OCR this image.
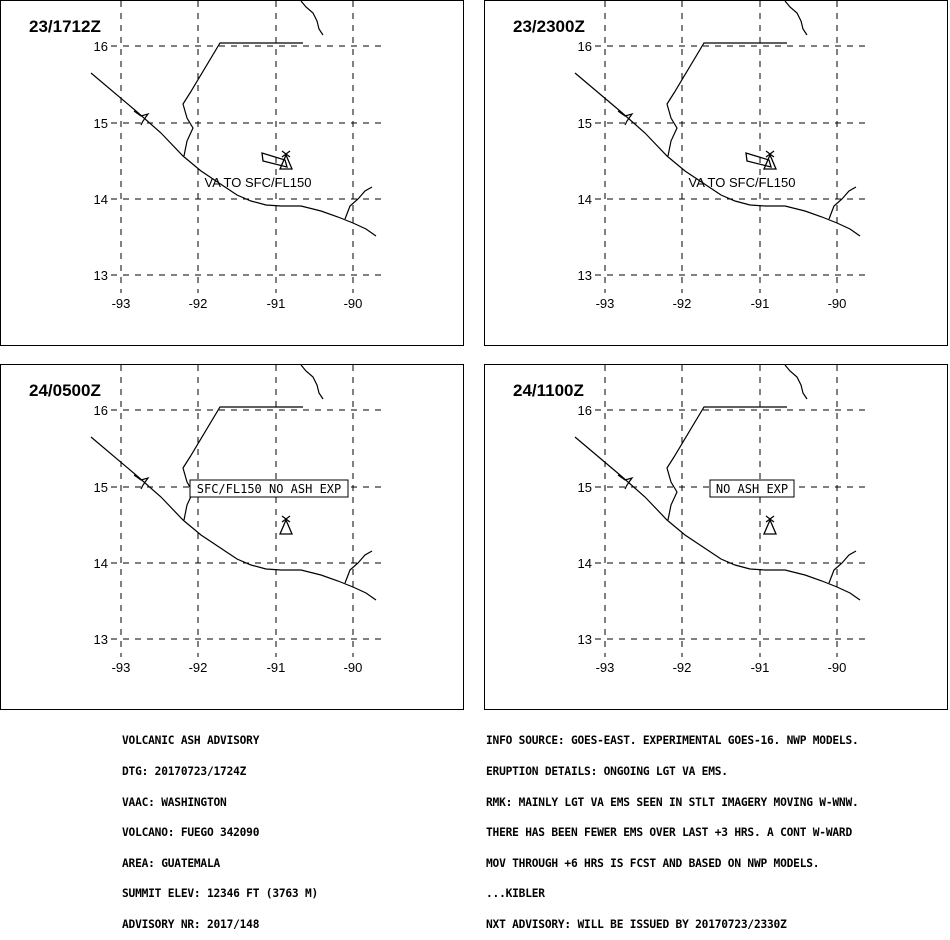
16
15
14
13
-93	-92	-91	-90
VA TO SFC/FL150
23/1712Z
16
15
14
13
-93	-92	-91	-90
VA TO SFC/FL150
23/2300Z
16
15
14
13
-93	-92	-91	-90
SFC/FL150 NO ASH EXP
24/0500Z
16
15
14
13
-93	-92	-91	-90
NO ASH EXP
24/1100Z

VOLCANIC ASH ADVISORY

DTG: 20170723/1724Z

VAAC: WASHINGTON

VOLCANO: FUEGO 342090

AREA: GUATEMALA

SUMMIT ELEV: 12346 FT (3763 M)

ADVISORY NR: 2017/148

INFO SOURCE: GOES-EAST. EXPERIMENTAL GOES-16. NWP MODELS.

ERUPTION DETAILS: ONGOING LGT VA EMS.

RMK: MAINLY LGT VA EMS SEEN IN STLT IMAGERY MOVING W-WNW.

THERE HAS BEEN FEWER EMS OVER LAST +3 HRS. A CONT W-WARD

MOV THROUGH +6 HRS IS FCST AND BASED ON NWP MODELS.

...KIBLER

NXT ADVISORY: WILL BE ISSUED BY 20170723/2330Z
